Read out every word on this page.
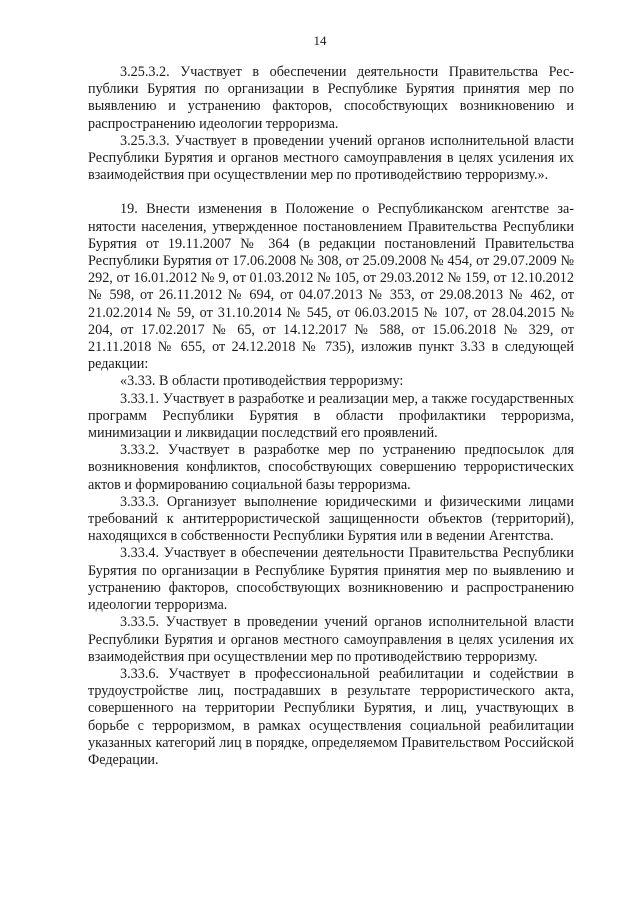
14

3.25.3.2. Участвует в обеспечении деятельности Правительства Республики Бурятия по организации в Республике Бурятия принятия мер по выявлению и устранению факторов, способствующих возникновению и распространению идеологии терроризма.

3.25.3.3. Участвует в проведении учений органов исполнительной власти Республики Бурятия и органов местного самоуправления в целях усиления их взаимодействия при осуществлении мер по противодействию терроризму.».

19. Внести изменения в Положение о Республиканском агентстве занятости населения, утвержденное постановлением Правительства Республики Бурятия от 19.11.2007 № 364 (в редакции постановлений Правительства Республики Бурятия от 17.06.2008 № 308, от 25.09.2008 № 454, от 29.07.2009 № 292, от 16.01.2012 № 9, от 01.03.2012 № 105, от 29.03.2012 № 159, от 12.10.2012 № 598, от 26.11.2012 № 694, от 04.07.2013 № 353, от 29.08.2013 № 462, от 21.02.2014 № 59, от 31.10.2014 № 545, от 06.03.2015 № 107, от 28.04.2015 № 204, от 17.02.2017 № 65, от 14.12.2017 № 588, от 15.06.2018 № 329, от 21.11.2018 № 655, от 24.12.2018 № 735), изложив пункт 3.33 в следующей редакции:

«3.33. В области противодействия терроризму:

3.33.1. Участвует в разработке и реализации мер, а также государственных программ Республики Бурятия в области профилактики терроризма, минимизации и ликвидации последствий его проявлений.

3.33.2. Участвует в разработке мер по устранению предпосылок для возникновения конфликтов, способствующих совершению террористических актов и формированию социальной базы терроризма.

3.33.3. Организует выполнение юридическими и физическими лицами требований к антитеррористической защищенности объектов (территорий), находящихся в собственности Республики Бурятия или в ведении Агентства.

3.33.4. Участвует в обеспечении деятельности Правительства Республики Бурятия по организации в Республике Бурятия принятия мер по выявлению и устранению факторов, способствующих возникновению и распространению идеологии терроризма.

3.33.5. Участвует в проведении учений органов исполнительной власти Республики Бурятия и органов местного самоуправления в целях усиления их взаимодействия при осуществлении мер по противодействию терроризму.

3.33.6. Участвует в профессиональной реабилитации и содействии в трудоустройстве лиц, пострадавших в результате террористического акта, совершенного на территории Республики Бурятия, и лиц, участвующих в борьбе с терроризмом, в рамках осуществления социальной реабилитации указанных категорий лиц в порядке, определяемом Правительством Российской Федерации.
